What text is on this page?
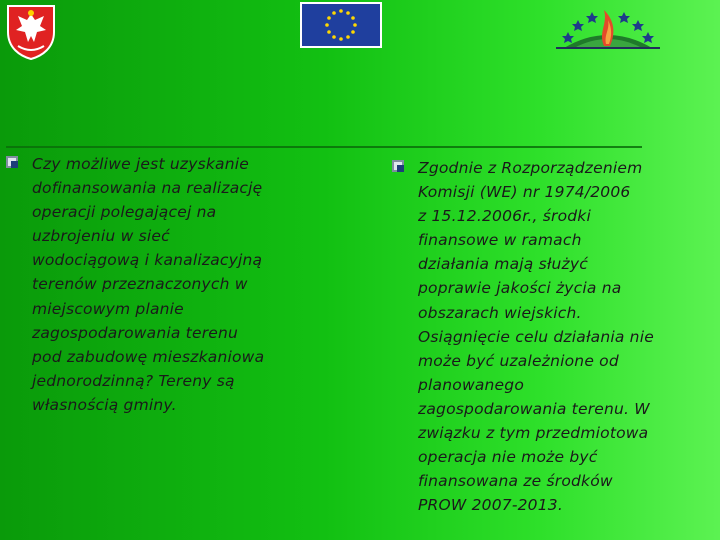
Czy możliwe jest uzyskanie
dofinansowania na realizację
operacji polegającej na
uzbrojeniu w sieć
wodociągową i kanalizacyjną
terenów przeznaczonych w
miejscowym planie
zagospodarowania terenu
pod zabudowę mieszkaniowa
jednorodzinną? Tereny są
własnością gminy.
Zgodnie z Rozporządzeniem
Komisji (WE) nr 1974/2006
z 15.12.2006r., środki
finansowe w ramach
działania mają służyć
poprawie jakości życia na
obszarach wiejskich.
Osiągnięcie celu działania nie
może być uzależnione od
planowanego
zagospodarowania terenu. W
związku z tym przedmiotowa
operacja nie może być
finansowana ze środków
PROW 2007-2013.
